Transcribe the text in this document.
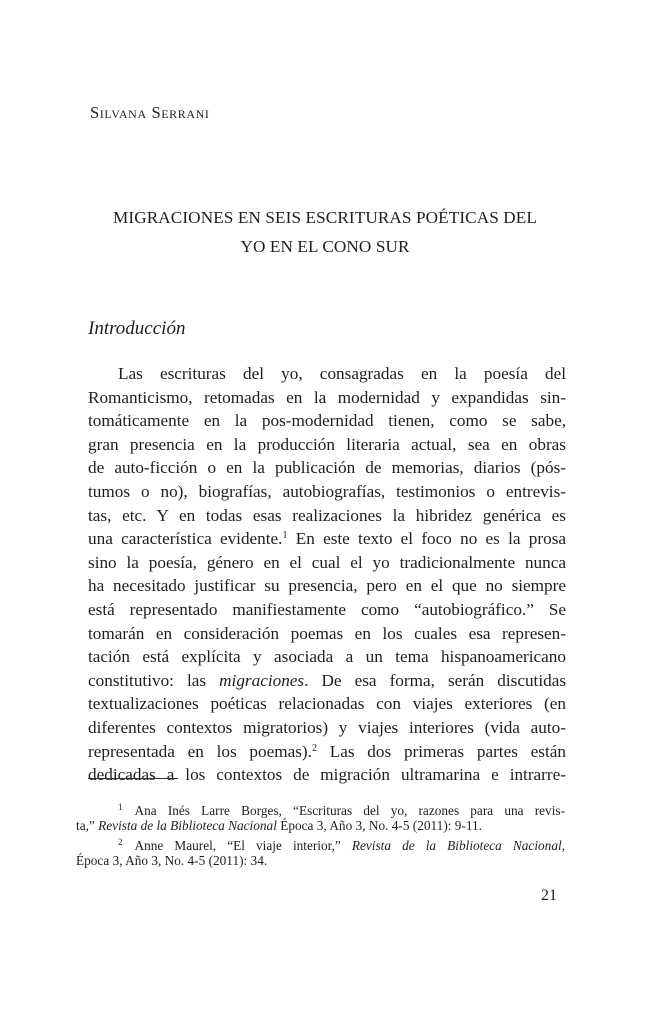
Silvana Serrani
MIGRACIONES EN SEIS ESCRITURAS POÉTICAS DEL
YO EN EL CONO SUR
Introducción
Las escrituras del yo, consagradas en la poesía del
Romanticismo, retomadas en la modernidad y expandidas sin-
tomáticamente en la pos-modernidad tienen, como se sabe,
gran presencia en la producción literaria actual, sea en obras
de auto-ficción o en la publicación de memorias, diarios (pós-
tumos o no), biografías, autobiografías, testimonios o entrevis-
tas, etc. Y en todas esas realizaciones la hibridez genérica es
una característica evidente.$^1$ En este texto el foco no es la prosa
sino la poesía, género en el cual el yo tradicionalmente nunca
ha necesitado justificar su presencia, pero en el que no siempre
está representado manifiestamente como “autobiográfico.” Se
tomarán en consideración poemas en los cuales esa represen-
tación está explícita y asociada a un tema hispanoamericano
constitutivo: las migraciones. De esa forma, serán discutidas
textualizaciones poéticas relacionadas con viajes exteriores (en
diferentes contextos migratorios) y viajes interiores (vida auto-
representada en los poemas).$^2$ Las dos primeras partes están
dedicadas a los contextos de migración ultramarina e intrarre-
$^1$ Ana Inés Larre Borges, “Escrituras del yo, razones para una revis-
ta,” Revista de la Biblioteca Nacional Época 3, Año 3, No. 4-5 (2011): 9-11.
$^2$ Anne Maurel, “El viaje interior,” Revista de la Biblioteca Nacional,
Época 3, Año 3, No. 4-5 (2011): 34.
21
